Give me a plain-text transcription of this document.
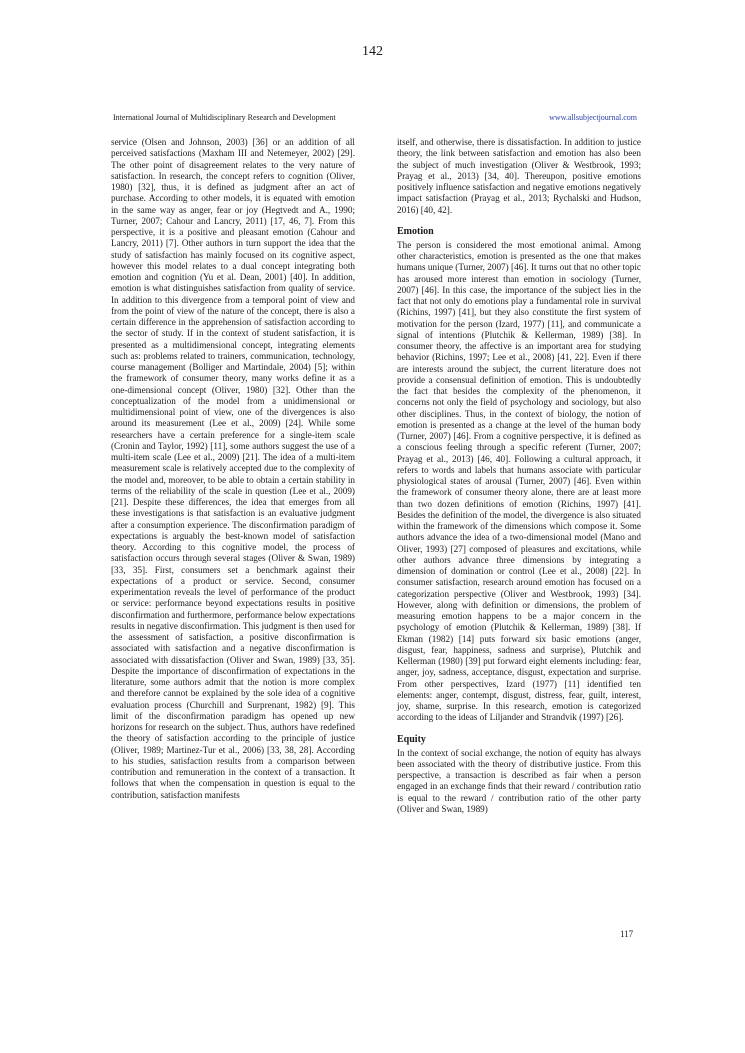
142
International Journal of Multidisciplinary Research and Development	www.allsubjectjournal.com

service (Olsen and Johnson, 2003) [36] or an addition of all perceived satisfactions (Maxham III and Netemeyer, 2002) [29]. The other point of disagreement relates to the very nature of satisfaction. In research, the concept refers to cognition (Oliver, 1980) [32], thus, it is defined as judgment after an act of purchase. According to other models, it is equated with emotion in the same way as anger, fear or joy (Hegtvedt and A., 1990; Turner, 2007; Cahour and Lancry, 2011) [17, 46, 7]. From this perspective, it is a positive and pleasant emotion (Cahour and Lancry, 2011) [7]. Other authors in turn support the idea that the study of satisfaction has mainly focused on its cognitive aspect, however this model relates to a dual concept integrating both emotion and cognition (Yu et al. Dean, 2001) [40]. In addition, emotion is what distinguishes satisfaction from quality of service. In addition to this divergence from a temporal point of view and from the point of view of the nature of the concept, there is also a certain difference in the apprehension of satisfaction according to the sector of study. If in the context of student satisfaction, it is presented as a multidimensional concept, integrating elements such as: problems related to trainers, communication, technology, course management (Bolliger and Martindale, 2004) [5]; within the framework of consumer theory, many works define it as a one-dimensional concept (Oliver, 1980) [32]. Other than the conceptualization of the model from a unidimensional or multidimensional point of view, one of the divergences is also around its measurement (Lee et al., 2009) [24]. While some researchers have a certain preference for a single-item scale (Cronin and Taylor, 1992) [11], some authors suggest the use of a multi-item scale (Lee et al., 2009) [21]. The idea of a multi-item measurement scale is relatively accepted due to the complexity of the model and, moreover, to be able to obtain a certain stability in terms of the reliability of the scale in question (Lee et al., 2009) [21]. Despite these differences, the idea that emerges from all these investigations is that satisfaction is an evaluative judgment after a consumption experience. The disconfirmation paradigm of expectations is arguably the best-known model of satisfaction theory. According to this cognitive model, the process of satisfaction occurs through several stages (Oliver & Swan, 1989) [33, 35]. First, consumers set a benchmark against their expectations of a product or service. Second, consumer experimentation reveals the level of performance of the product or service: performance beyond expectations results in positive disconfirmation and furthermore, performance below expectations results in negative disconfirmation. This judgment is then used for the assessment of satisfaction, a positive disconfirmation is associated with satisfaction and a negative disconfirmation is associated with dissatisfaction (Oliver and Swan, 1989) [33, 35]. Despite the importance of disconfirmation of expectations in the literature, some authors admit that the notion is more complex and therefore cannot be explained by the sole idea of a cognitive evaluation process (Churchill and Surprenant, 1982) [9]. This limit of the disconfirmation paradigm has opened up new horizons for research on the subject. Thus, authors have redefined the theory of satisfaction according to the principle of justice (Oliver, 1989; Martinez-Tur et al., 2006) [33, 38, 28]. According to his studies, satisfaction results from a comparison between contribution and remuneration in the context of a transaction. It follows that when the compensation in question is equal to the contribution, satisfaction manifests

itself, and otherwise, there is dissatisfaction. In addition to justice theory, the link between satisfaction and emotion has also been the subject of much investigation (Oliver & Westbrook, 1993; Prayag et al., 2013) [34, 40]. Thereupon, positive emotions positively influence satisfaction and negative emotions negatively impact satisfaction (Prayag et al., 2013; Rychalski and Hudson, 2016) [40, 42].

Emotion

The person is considered the most emotional animal. Among other characteristics, emotion is presented as the one that makes humans unique (Turner, 2007) [46]. It turns out that no other topic has aroused more interest than emotion in sociology (Turner, 2007) [46]. In this case, the importance of the subject lies in the fact that not only do emotions play a fundamental role in survival (Richins, 1997) [41], but they also constitute the first system of motivation for the person (Izard, 1977) [11], and communicate a signal of intentions (Plutchik & Kellerman, 1989) [38]. In consumer theory, the affective is an important area for studying behavior (Richins, 1997; Lee et al., 2008) [41, 22]. Even if there are interests around the subject, the current literature does not provide a consensual definition of emotion. This is undoubtedly the fact that besides the complexity of the phenomenon, it concerns not only the field of psychology and sociology, but also other disciplines. Thus, in the context of biology, the notion of emotion is presented as a change at the level of the human body (Turner, 2007) [46]. From a cognitive perspective, it is defined as a conscious feeling through a specific referent (Turner, 2007; Prayag et al., 2013) [46, 40]. Following a cultural approach, it refers to words and labels that humans associate with particular physiological states of arousal (Turner, 2007) [46]. Even within the framework of consumer theory alone, there are at least more than two dozen definitions of emotion (Richins, 1997) [41]. Besides the definition of the model, the divergence is also situated within the framework of the dimensions which compose it. Some authors advance the idea of a two-dimensional model (Mano and Oliver, 1993) [27] composed of pleasures and excitations, while other authors advance three dimensions by integrating a dimension of domination or control (Lee et al., 2008) [22]. In consumer satisfaction, research around emotion has focused on a categorization perspective (Oliver and Westbrook, 1993) [34]. However, along with definition or dimensions, the problem of measuring emotion happens to be a major concern in the psychology of emotion (Plutchik & Kellerman, 1989) [38]. If Ekman (1982) [14] puts forward six basic emotions (anger, disgust, fear, happiness, sadness and surprise), Plutchik and Kellerman (1980) [39] put forward eight elements including: fear, anger, joy, sadness, acceptance, disgust, expectation and surprise. From other perspectives, Izard (1977) [11] identified ten elements: anger, contempt, disgust, distress, fear, guilt, interest, joy, shame, surprise. In this research, emotion is categorized according to the ideas of Liljander and Strandvik (1997) [26].

Equity

In the context of social exchange, the notion of equity has always been associated with the theory of distributive justice. From this perspective, a transaction is described as fair when a person engaged in an exchange finds that their reward / contribution ratio is equal to the reward / contribution ratio of the other party (Oliver and Swan, 1989)

117
